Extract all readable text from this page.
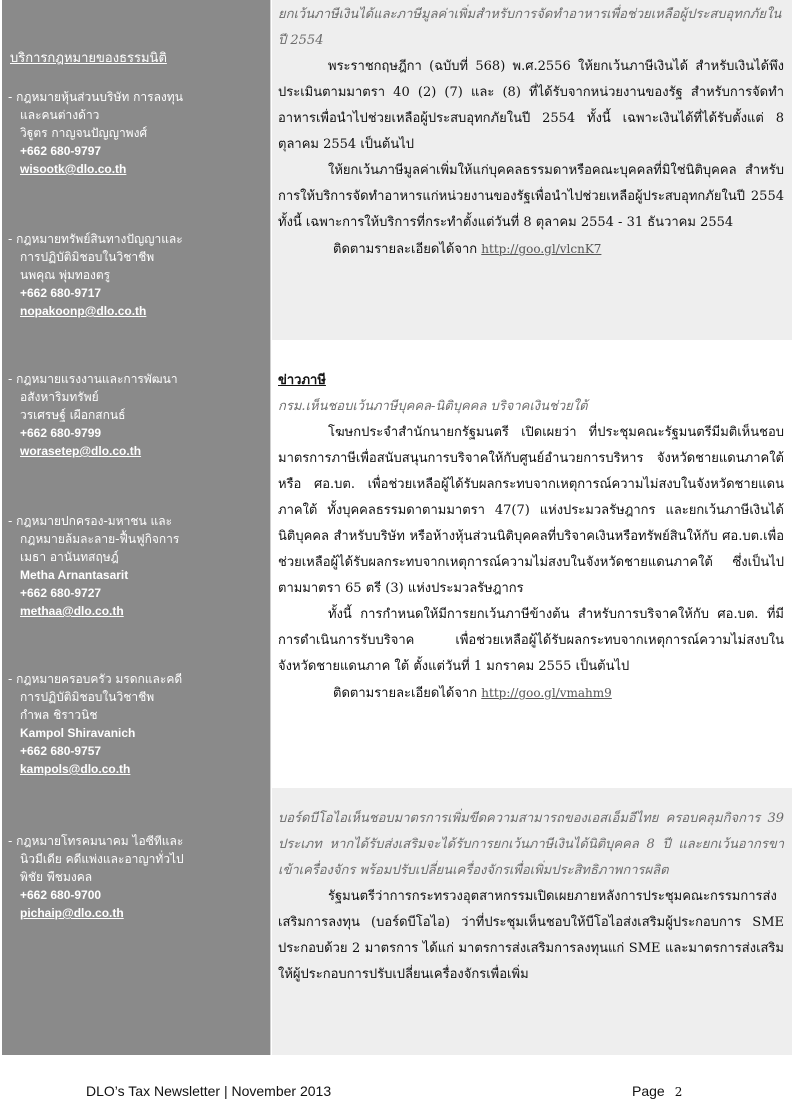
บริการกฎหมายของธรรมนิติ
- กฎหมายหุ้นส่วนบริษัท การลงทุน
และคนต่างด้าว
วิฐูตร กาญจนปัญญาพงศ์
+662 680-9797
wisootk@dlo.co.th
- กฎหมายทรัพย์สินทางปัญญาและ
การปฏิบัติมิชอบในวิชาชีพ
นพคุณ พุ่มทองตรู
+662 680-9717
nopakoonp@dlo.co.th
- กฎหมายแรงงานและการพัฒนา
อสังหาริมทรัพย์
วรเศรษฐ์ เผือกสกนธ์
+662 680-9799
worasetep@dlo.co.th
- กฎหมายปกครอง-มหาชน และ
กฎหมายล้มละลาย-ฟื้นฟูกิจการ
เมธา อานันทสฤษฎ์
Metha Arnantasarit
+662 680-9727
methaa@dlo.co.th
- กฎหมายครอบครัว มรดกและคดี
การปฏิบัติมิชอบในวิชาชีพ
กำพล ชิราวนิช
Kampol Shiravanich
+662 680-9757
kampols@dlo.co.th
- กฎหมายโทรคมนาคม ไอซีทีและ
นิวมีเดีย คดีแพ่งและอาญาทั่วไป
พิชัย พืชมงคล
+662 680-9700
pichaip@dlo.co.th
ยกเว้นภาษีเงินได้และภาษีมูลค่าเพิ่มสำหรับการจัดทำอาหารเพื่อช่วยเหลือผู้ประสบอุทกภัยในปี 2554

พระราชกฤษฎีกา (ฉบับที่ 568) พ.ศ.2556 ให้ยกเว้นภาษีเงินได้ สำหรับเงินได้พึงประเมินตามมาตรา 40 (2) (7) และ (8) ที่ได้รับจากหน่วยงานของรัฐ สำหรับการจัดทำอาหารเพื่อนำไปช่วยเหลือผู้ประสบอุทกภัยในปี 2554 ทั้งนี้ เฉพาะเงินได้ที่ได้รับตั้งแต่ 8 ตุลาคม 2554 เป็นต้นไป

ให้ยกเว้นภาษีมูลค่าเพิ่มให้แก่บุคคลธรรมดาหรือคณะบุคคลที่มิใช่นิติบุคคล สำหรับการให้บริการจัดทำอาหารแก่หน่วยงานของรัฐเพื่อนำไปช่วยเหลือผู้ประสบอุทกภัยในปี 2554 ทั้งนี้ เฉพาะการให้บริการที่กระทำตั้งแต่วันที่ 8 ตุลาคม 2554 - 31 ธันวาคม 2554

ติดตามรายละเอียดได้จาก http://goo.gl/vlcnK7
ข่าวภาษี
กรม.เห็นชอบเว้นภาษีบุคคล-นิติบุคคล บริจาคเงินช่วยใต้

โฆษกประจำสำนักนายกรัฐมนตรี เปิดเผยว่า ที่ประชุมคณะรัฐมนตรีมีมติเห็นชอบมาตรการภาษีเพื่อสนับสนุนการบริจาคให้กับศูนย์อำนวยการบริหาร จังหวัดชายแดนภาคใต้ หรือ ศอ.บต. เพื่อช่วยเหลือผู้ได้รับผลกระทบจากเหตุการณ์ความไม่สงบในจังหวัดชายแดนภาคใต้ ทั้งบุคคลธรรมดาตามมาตรา 47(7) แห่งประมวลรัษฎากร และยกเว้นภาษีเงินได้นิติบุคคล สำหรับบริษัท หรือห้างหุ้นส่วนนิติบุคคลที่บริจาคเงินหรือทรัพย์สินให้กับ ศอ.บต.เพื่อช่วยเหลือผู้ได้รับผลกระทบจากเหตุการณ์ความไม่สงบในจังหวัดชายแดนภาคใต้ ซึ่งเป็นไปตามมาตรา 65 ตรี (3) แห่งประมวลรัษฎากร

ทั้งนี้ การกำหนดให้มีการยกเว้นภาษีข้างต้น สำหรับการบริจาคให้กับ ศอ.บต. ที่มีการดำเนินการรับบริจาค เพื่อช่วยเหลือผู้ได้รับผลกระทบจากเหตุการณ์ความไม่สงบในจังหวัดชายแดนภาค ใต้ ตั้งแต่วันที่ 1 มกราคม 2555 เป็นต้นไป

ติดตามรายละเอียดได้จาก http://goo.gl/vmahm9
บอร์ดบีโอไอเห็นชอบมาตรการเพิ่มขีดความสามารถของเอสเอ็มอีไทย ครอบคลุมกิจการ 39 ประเภท หากได้รับส่งเสริมจะได้รับการยกเว้นภาษีเงินได้นิติบุคคล 8 ปี และยกเว้นอากรขาเข้าเครื่องจักร พร้อมปรับเปลี่ยนเครื่องจักรเพื่อเพิ่มประสิทธิภาพการผลิต

รัฐมนตรีว่าการกระทรวงอุตสาหกรรมเปิดเผยภายหลังการประชุมคณะกรรมการส่งเสริมการลงทุน (บอร์ดบีโอไอ) ว่าที่ประชุมเห็นชอบให้บีโอไอส่งเสริมผู้ประกอบการ SME ประกอบด้วย 2 มาตรการ ได้แก่ มาตรการส่งเสริมการลงทุนแก่ SME และมาตรการส่งเสริมให้ผู้ประกอบการปรับเปลี่ยนเครื่องจักรเพื่อเพิ่ม

DLO’s Tax Newsletter | November 2013	Page 2
